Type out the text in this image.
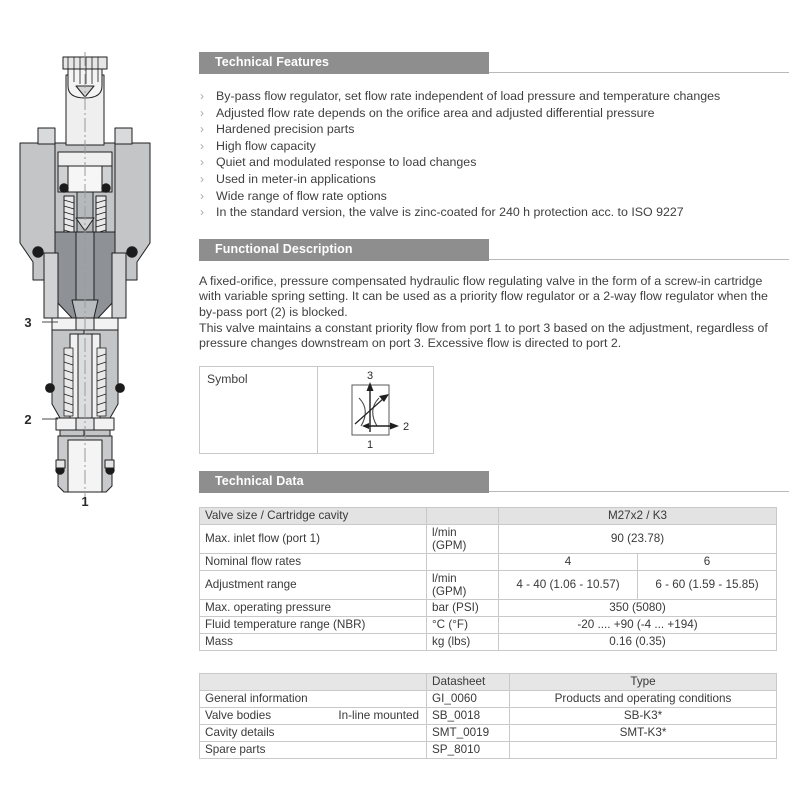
3
2
1
Technical Features
› By-pass flow regulator, set flow rate independent of load pressure and temperature changes
› Adjusted flow rate depends on the orifice area and adjusted differential pressure
› Hardened precision parts
› High flow capacity
› Quiet and modulated response to load changes
› Used in meter-in applications
› Wide range of flow rate options
› In the standard version, the valve is zinc-coated for 240 h protection acc. to ISO 9227
Functional Description

A fixed-orifice, pressure compensated hydraulic flow regulating valve in the form of a screw-in cartridge with variable spring setting. It can be used as a priority flow regulator or a 2-way flow regulator when the by-pass port (2) is blocked.

This valve maintains a constant priority flow from port 1 to port 3 based on the adjustment, regardless of pressure changes downstream on port 3. Excessive flow is directed to port 2.

Symbol	3
2
1
Technical Data
Valve size / Cartridge cavity		M27x2 / K3	
Max. inlet flow (port 1)	l/min (GPM)	90 (23.78)	
Nominal flow rates		4	6
Adjustment range	l/min (GPM)	4 - 40 (1.06 - 10.57)	6 - 60 (1.59 - 15.85)
Max. operating pressure	bar (PSI)	350 (5080)	
Fluid temperature range (NBR)	°C (°F)	-20 .... +90 (-4 ... +194)	
Mass	kg (lbs)	0.16 (0.35)	
	Datasheet	Type
General information	GI_0060	Products and operating conditions

Valve bodies In-line mounted	SB_0018	SB-K3*
Cavity details	SMT_0019	SMT-K3*
Spare parts	SP_8010	
